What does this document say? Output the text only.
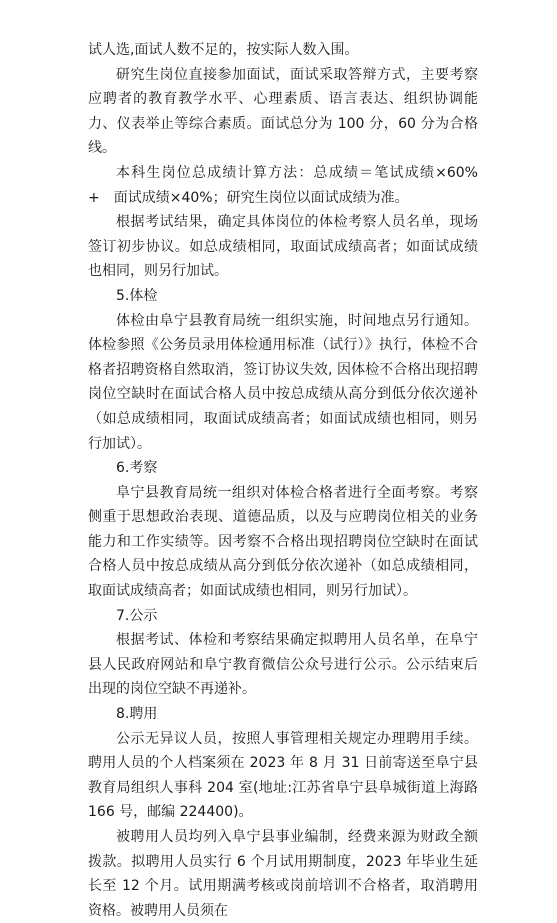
试人选,面试人数不足的，按实际人数入围。

研究生岗位直接参加面试，面试采取答辩方式，主要考察应聘者的教育教学水平、心理素质、语言表达、组织协调能力、仪表举止等综合素质。面试总分为 100 分，60 分为合格线。

本科生岗位总成绩计算方法：总成绩＝笔试成绩×60%　+　面试成绩×40%；研究生岗位以面试成绩为准。

根据考试结果，确定具体岗位的体检考察人员名单，现场签订初步协议。如总成绩相同，取面试成绩高者；如面试成绩也相同，则另行加试。

5.体检

体检由阜宁县教育局统一组织实施，时间地点另行通知。体检参照《公务员录用体检通用标准（试行）》执行，体检不合格者招聘资格自然取消，签订协议失效, 因体检不合格出现招聘岗位空缺时在面试合格人员中按总成绩从高分到低分依次递补（如总成绩相同，取面试成绩高者；如面试成绩也相同，则另行加试）。

6.考察

阜宁县教育局统一组织对体检合格者进行全面考察。考察侧重于思想政治表现、道德品质，以及与应聘岗位相关的业务能力和工作实绩等。因考察不合格出现招聘岗位空缺时在面试合格人员中按总成绩从高分到低分依次递补（如总成绩相同，取面试成绩高者；如面试成绩也相同，则另行加试）。

7.公示

根据考试、体检和考察结果确定拟聘用人员名单，在阜宁县人民政府网站和阜宁教育微信公众号进行公示。公示结束后出现的岗位空缺不再递补。

8.聘用

公示无异议人员，按照人事管理相关规定办理聘用手续。聘用人员的个人档案须在 2023 年 8 月 31 日前寄送至阜宁县教育局组织人事科 204 室(地址:江苏省阜宁县阜城街道上海路 166 号，邮编 224400)。

被聘用人员均列入阜宁县事业编制，经费来源为财政全额拨款。拟聘用人员实行 6 个月试用期制度，2023 年毕业生延长至 12 个月。试用期满考核或岗前培训不合格者，取消聘用资格。被聘用人员须在
